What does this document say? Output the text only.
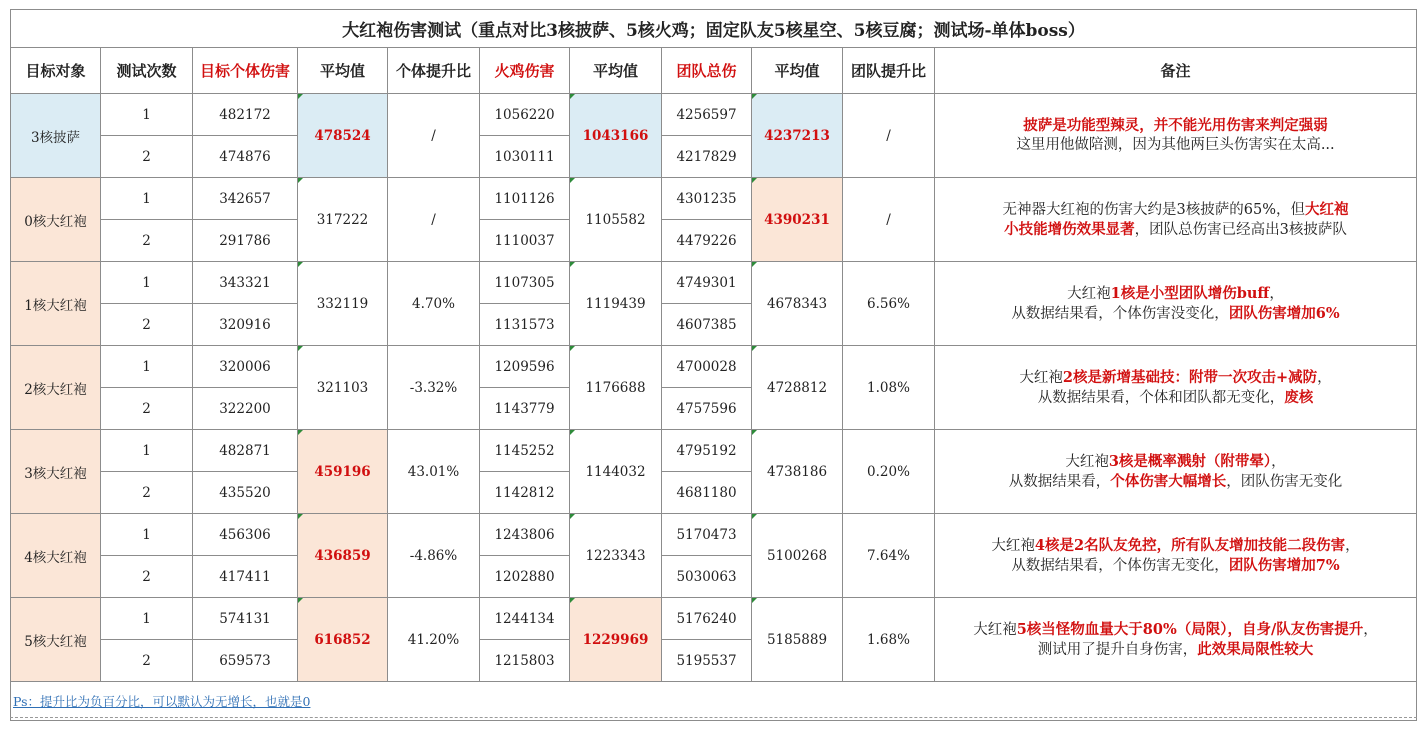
大红袍伤害测试（重点对比3核披萨、5核火鸡；固定队友5核星空、5核豆腐；测试场-单体boss）										
目标对象	测试次数	目标个体伤害	平均值	个体提升比	火鸡伤害	平均值	团队总伤	平均值	团队提升比	备注
3核披萨	1	482172	478524	/	1056220	1043166	4256597	4237213	/	披萨是功能型辣灵，并不能光用伤害来判定强弱
这里用他做陪测，因为其他两巨头伤害实在太高...
	2	474876			1030111		4217829			
0核大红袍	1	342657	317222	/	1101126	1105582	4301235	4390231	/	无神器大红袍的伤害大约是3核披萨的65%，但大红袍
小技能增伤效果显著，团队总伤害已经高出3核披萨队
	2	291786			1110037		4479226			
1核大红袍	1	343321	332119	4.70%	1107305	1119439	4749301	4678343	6.56%	大红袍1核是小型团队增伤buff，
从数据结果看，个体伤害没变化，团队伤害增加6%
	2	320916			1131573		4607385			
2核大红袍	1	320006	321103	-3.32%	1209596	1176688	4700028	4728812	1.08%	大红袍2核是新增基础技：附带一次攻击+减防，
从数据结果看，个体和团队都无变化，废核
	2	322200			1143779		4757596			
3核大红袍	1	482871	459196	43.01%	1145252	1144032	4795192	4738186	0.20%	大红袍3核是概率溅射（附带晕），
从数据结果看，个体伤害大幅增长，团队伤害无变化
	2	435520			1142812		4681180			
4核大红袍	1	456306	436859	-4.86%	1243806	1223343	5170473	5100268	7.64%	大红袍4核是2名队友免控，所有队友增加技能二段伤害，
从数据结果看，个体伤害无变化，团队伤害增加7%
	2	417411			1202880		5030063			
5核大红袍	1	574131	616852	41.20%	1244134	1229969	5176240	5185889	1.68%	大红袍5核当怪物血量大于80%（局限），自身/队友伤害提升，
测试用了提升自身伤害，此效果局限性较大
	2	659573			1215803		5195537			
Ps：提升比为负百分比，可以默认为无增长，也就是0										
